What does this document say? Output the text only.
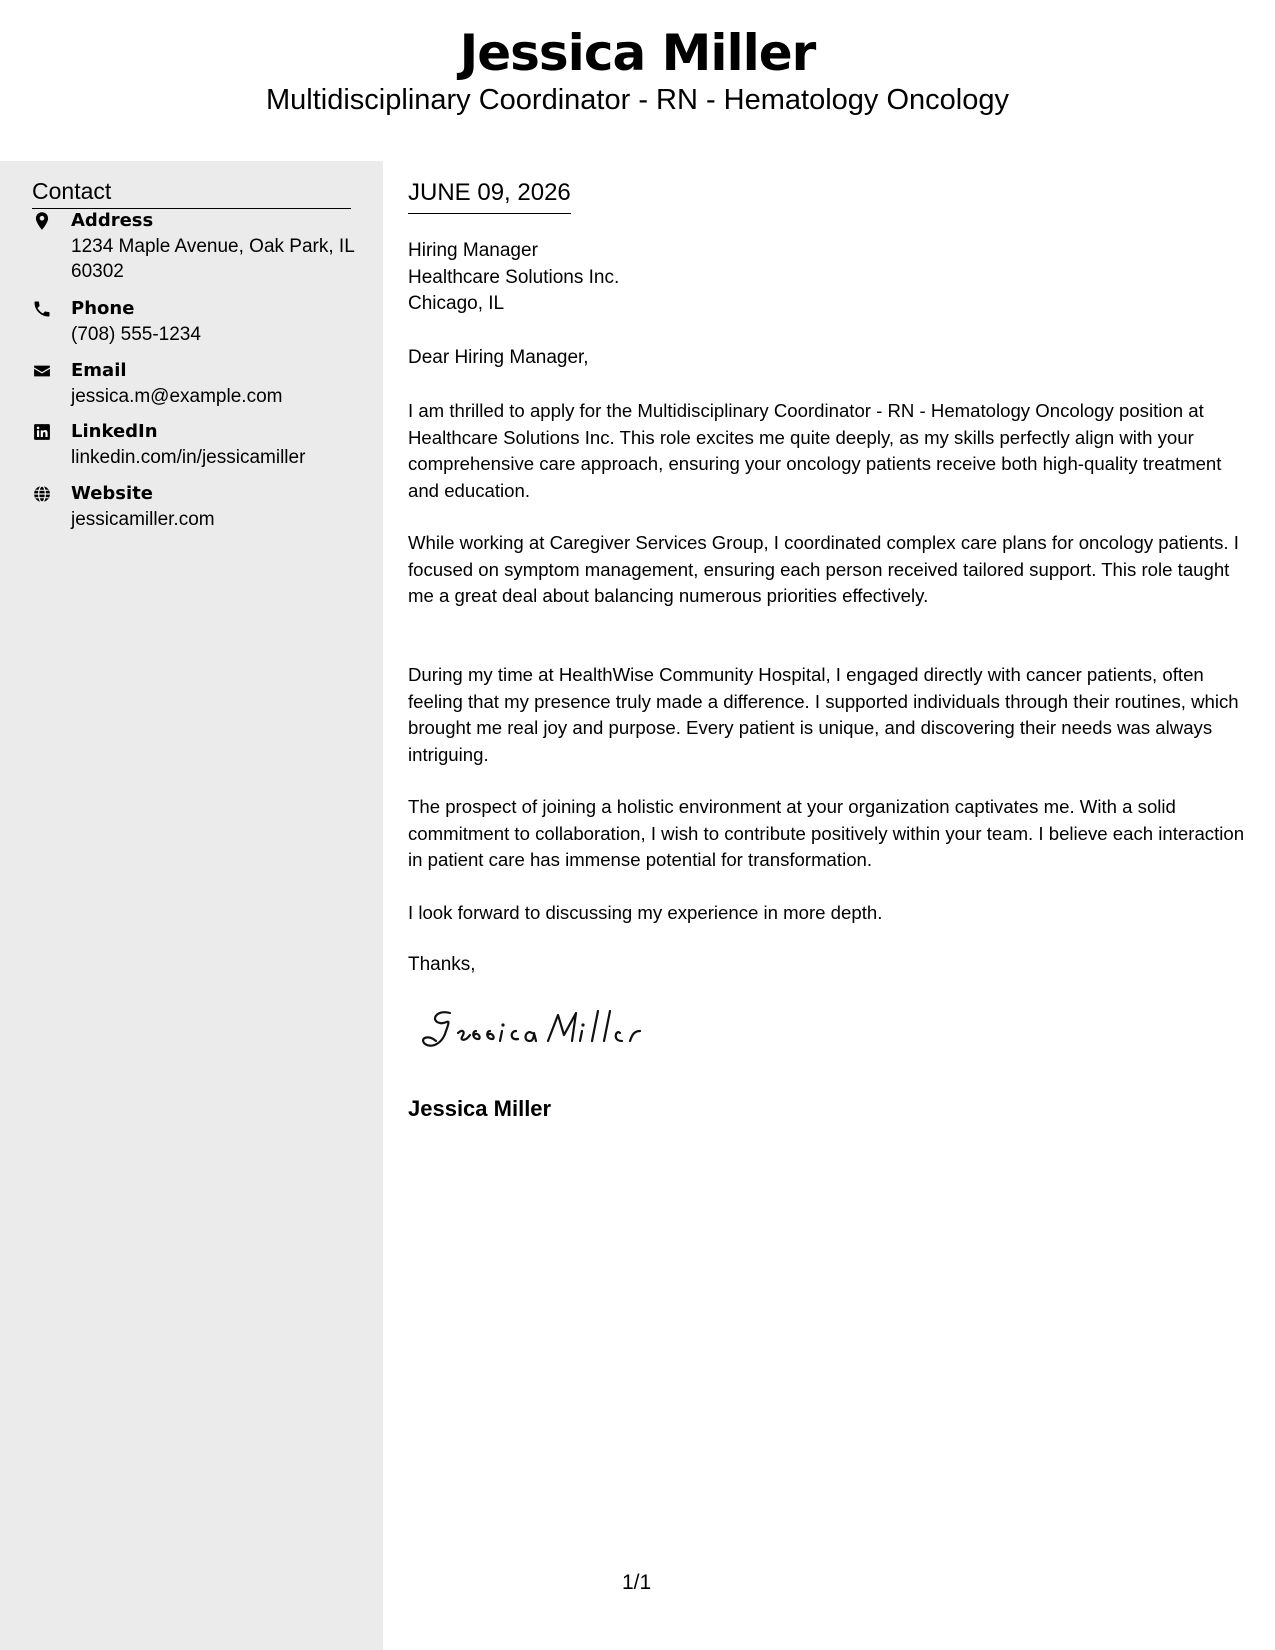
Jessica Miller
Multidisciplinary Coordinator - RN - Hematology Oncology
Contact
Address
1234 Maple Avenue, Oak Park, IL 60302
Phone
(708) 555-1234
Email
jessica.m@example.com
LinkedIn
linkedin.com/in/jessicamiller
Website
jessicamiller.com
JUNE 09, 2026
Hiring Manager
Healthcare Solutions Inc.
Chicago, IL
Dear Hiring Manager,

I am thrilled to apply for the Multidisciplinary Coordinator - RN - Hematology Oncology position at Healthcare Solutions Inc. This role excites me quite deeply, as my skills perfectly align with your comprehensive care approach, ensuring your oncology patients receive both high-quality treatment and education.

While working at Caregiver Services Group, I coordinated complex care plans for oncology patients. I focused on symptom management, ensuring each person received tailored support. This role taught me a great deal about balancing numerous priorities effectively.

During my time at HealthWise Community Hospital, I engaged directly with cancer patients, often feeling that my presence truly made a difference. I supported individuals through their routines, which brought me real joy and purpose. Every patient is unique, and discovering their needs was always intriguing.

The prospect of joining a holistic environment at your organization captivates me. With a solid commitment to collaboration, I wish to contribute positively within your team. I believe each interaction in patient care has immense potential for transformation.

I look forward to discussing my experience in more depth.

Thanks,
Jessica Miller
1/1
